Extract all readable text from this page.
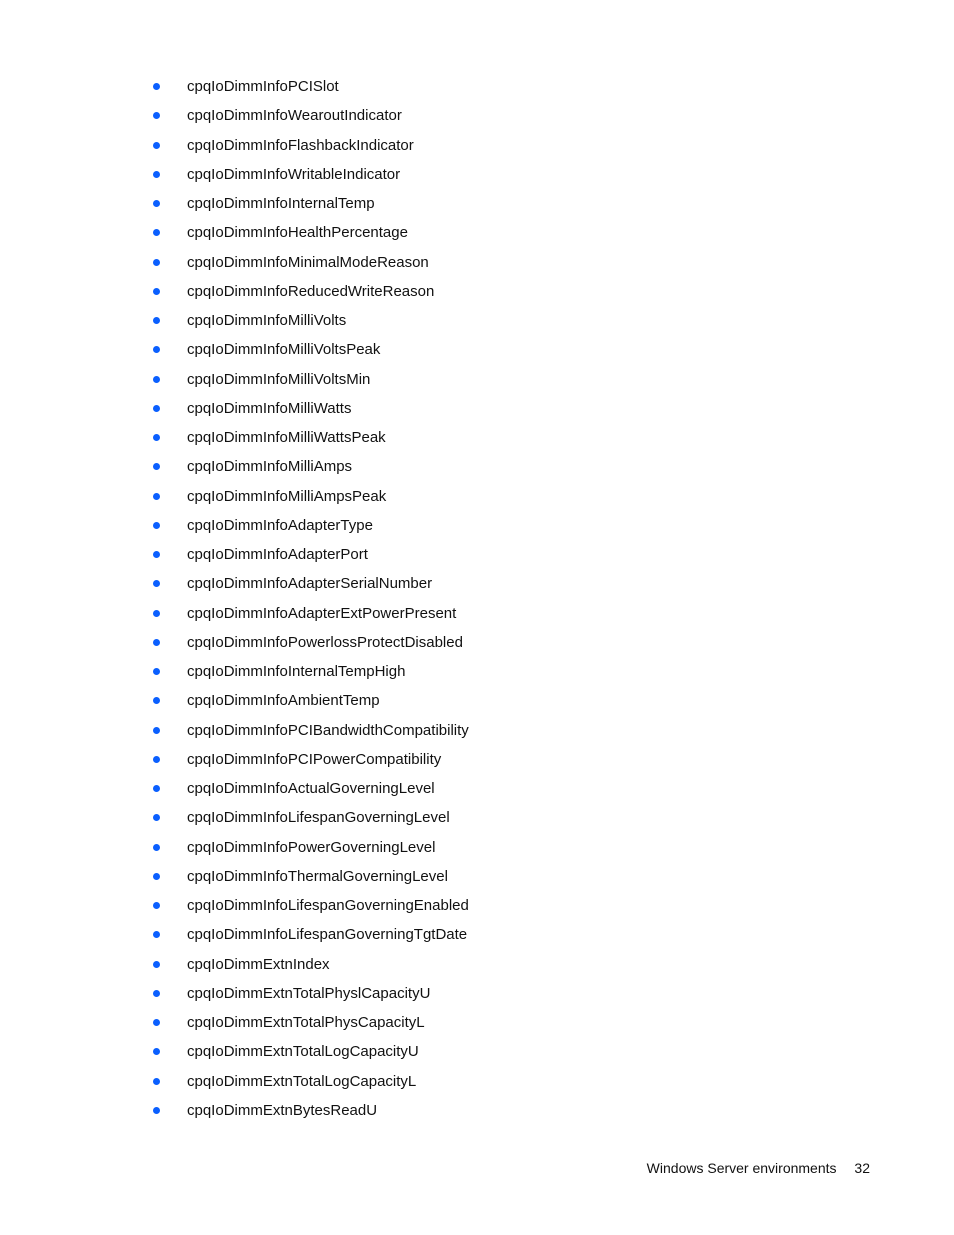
cpqIoDimmInfoPCISlot
cpqIoDimmInfoWearoutIndicator
cpqIoDimmInfoFlashbackIndicator
cpqIoDimmInfoWritableIndicator
cpqIoDimmInfoInternalTemp
cpqIoDimmInfoHealthPercentage
cpqIoDimmInfoMinimalModeReason
cpqIoDimmInfoReducedWriteReason
cpqIoDimmInfoMilliVolts
cpqIoDimmInfoMilliVoltsPeak
cpqIoDimmInfoMilliVoltsMin
cpqIoDimmInfoMilliWatts
cpqIoDimmInfoMilliWattsPeak
cpqIoDimmInfoMilliAmps
cpqIoDimmInfoMilliAmpsPeak
cpqIoDimmInfoAdapterType
cpqIoDimmInfoAdapterPort
cpqIoDimmInfoAdapterSerialNumber
cpqIoDimmInfoAdapterExtPowerPresent
cpqIoDimmInfoPowerlossProtectDisabled
cpqIoDimmInfoInternalTempHigh
cpqIoDimmInfoAmbientTemp
cpqIoDimmInfoPCIBandwidthCompatibility
cpqIoDimmInfoPCIPowerCompatibility
cpqIoDimmInfoActualGoverningLevel
cpqIoDimmInfoLifespanGoverningLevel
cpqIoDimmInfoPowerGoverningLevel
cpqIoDimmInfoThermalGoverningLevel
cpqIoDimmInfoLifespanGoverningEnabled
cpqIoDimmInfoLifespanGoverningTgtDate
cpqIoDimmExtnIndex
cpqIoDimmExtnTotalPhyslCapacityU
cpqIoDimmExtnTotalPhysCapacityL
cpqIoDimmExtnTotalLogCapacityU
cpqIoDimmExtnTotalLogCapacityL
cpqIoDimmExtnBytesReadU
Windows Server environments 32
